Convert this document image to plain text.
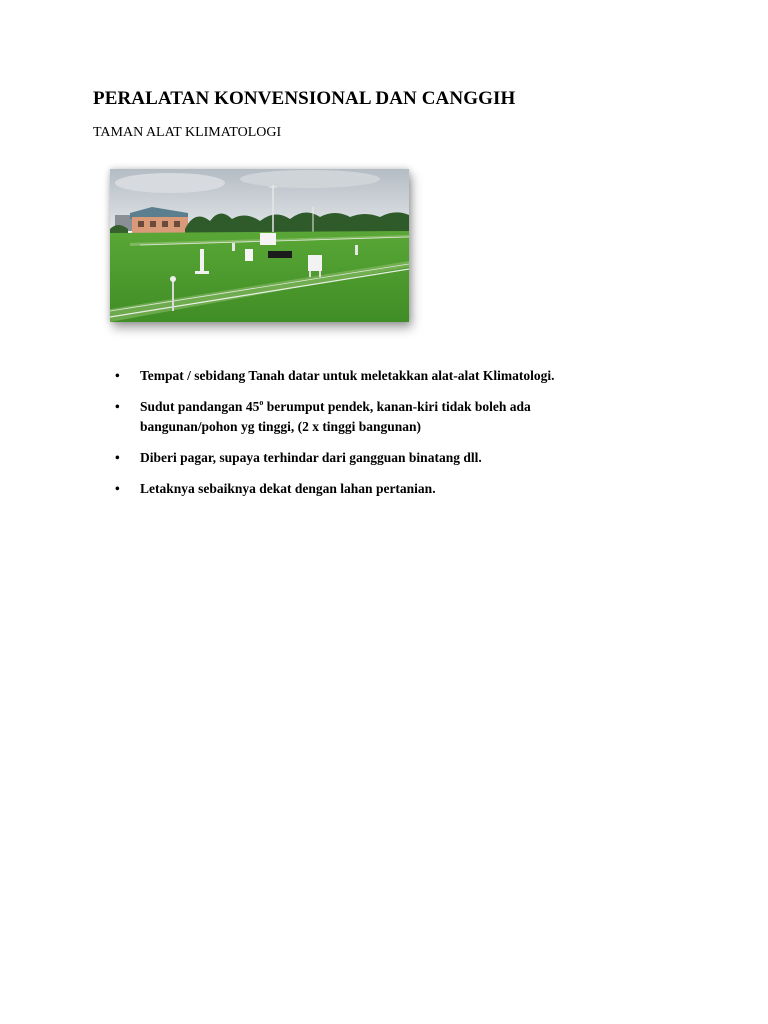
PERALATAN KONVENSIONAL DAN CANGGIH
TAMAN ALAT KLIMATOLOGI
• Tempat / sebidang Tanah datar untuk meletakkan alat-alat Klimatologi.
• Sudut pandangan 45$^o$ berumput pendek, kanan-kiri tidak boleh ada
bangunan/pohon yg tinggi, (2 x tinggi bangunan)
• Diberi pagar, supaya terhindar dari gangguan binatang dll.
• Letaknya sebaiknya dekat dengan lahan pertanian.
